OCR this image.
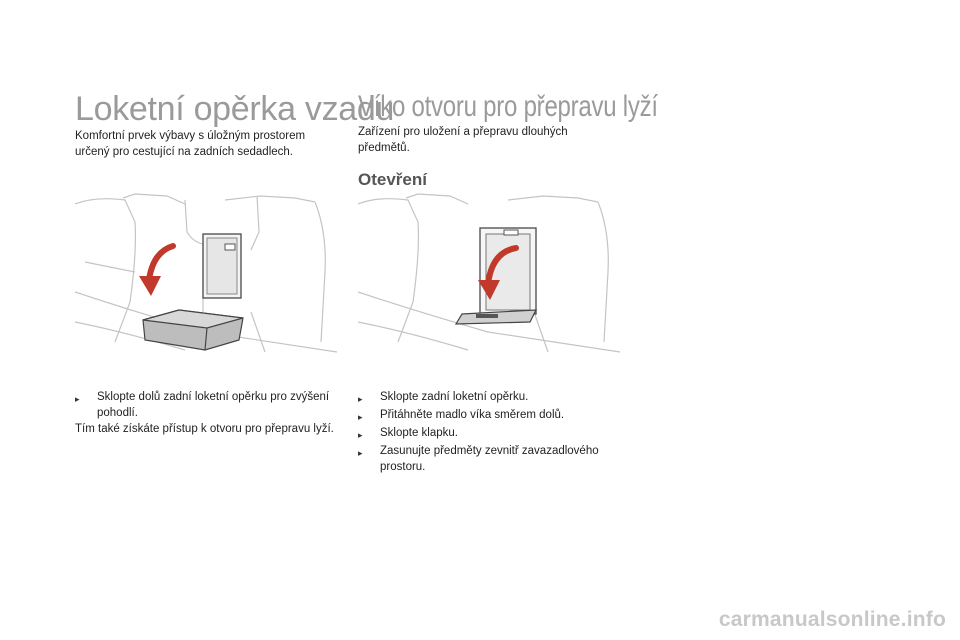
Loketní opěrka vzadu

Komfortní prvek výbavy s úložným prostorem určený pro cestující na zadních sedadlech.

Víko otvoru pro přepravu lyží

Zařízení pro uložení a přepravu dlouhých předmětů.

Otevření
▸	Sklopte dolů zadní loketní opěrku pro zvýšení pohodlí.

Tím také získáte přístup k otvoru pro přepravu lyží.

▸	Sklopte zadní loketní opěrku.
▸	Přitáhněte madlo víka směrem dolů.
▸	Sklopte klapku.
▸	Zasunujte předměty zevnitř zavazadlového prostoru.
carmanualsonline.info
